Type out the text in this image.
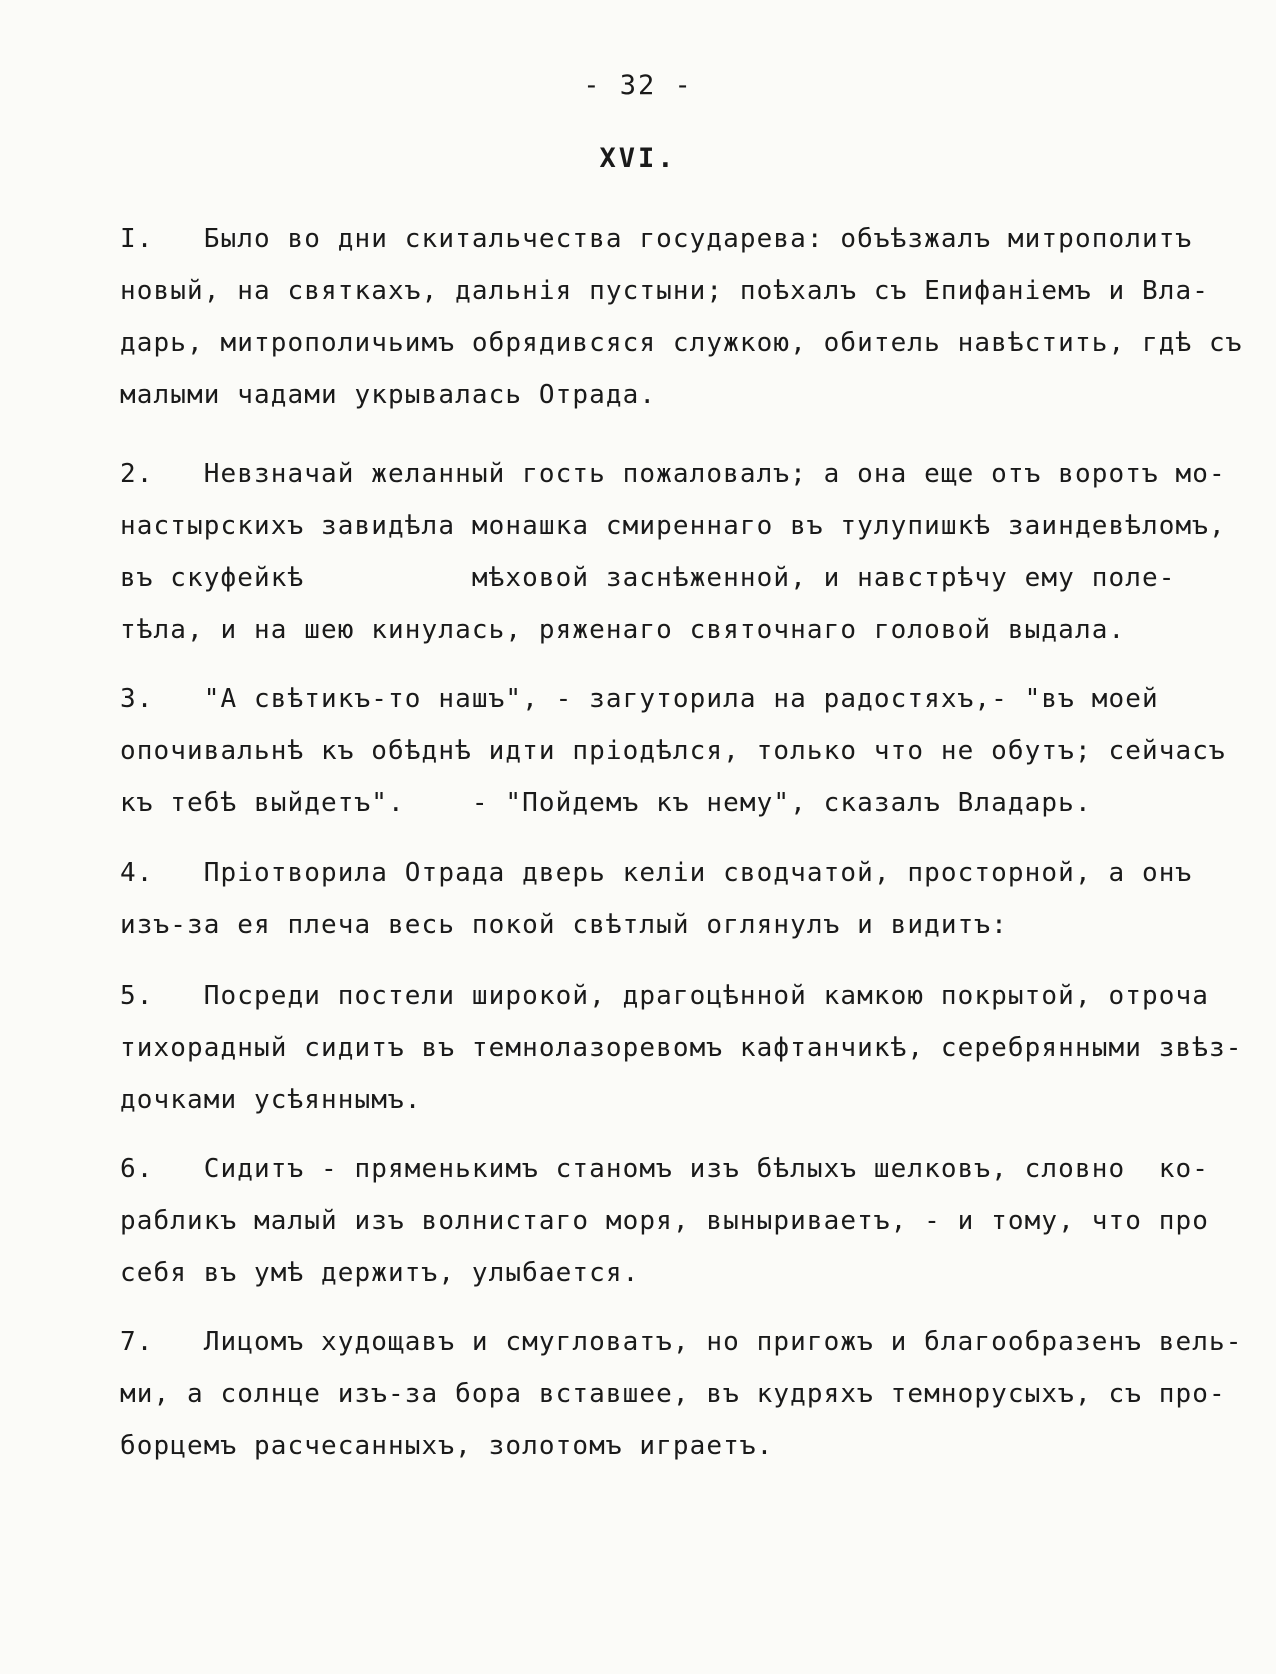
- 32 -
XVI.
I.   Было во дни скитальчества государева: объѣзжалъ митрополитъ
новый, на святкахъ, дальнія пустыни; поѣхалъ съ Епифаніемъ и Вла-
дарь, митрополичьимъ обрядивсяся служкою, обитель навѣстить, гдѣ съ
малыми чадами укрывалась Отрада.
2.   Невзначай желанный гость пожаловалъ; а она еще отъ воротъ мо-
настырскихъ завидѣла монашка смиреннаго въ тулупишкѣ заиндевѣломъ,
въ скуфейкѣ          мѣховой заснѣженной, и навстрѣчу ему поле-
тѣла, и на шею кинулась, ряженаго святочнаго головой выдала.
3.   "А свѣтикъ-то нашъ", - загуторила на радостяхъ,- "въ моей
опочивальнѣ къ обѣднѣ идти пріодѣлся, только что не обутъ; сейчасъ
къ тебѣ выйдетъ".    - "Пойдемъ къ нему", сказалъ Владарь.
4.   Пріотворила Отрада дверь келіи сводчатой, просторной, а онъ
изъ-за ея плеча весь покой свѣтлый оглянулъ и видитъ:
5.   Посреди постели широкой, драгоцѣнной камкою покрытой, отроча
тихорадный сидитъ въ темнолазоревомъ кафтанчикѣ, серебрянными звѣз-
дочками усѣяннымъ.
6.   Сидитъ - пряменькимъ станомъ изъ бѣлыхъ шелковъ, словно  ко-
рабликъ малый изъ волнистаго моря, выныриваетъ, - и тому, что про
себя въ умѣ держитъ, улыбается.
7.   Лицомъ худощавъ и смугловатъ, но пригожъ и благообразенъ вель-
ми, а солнце изъ-за бора вставшее, въ кудряхъ темнорусыхъ, съ про-
борцемъ расчесанныхъ, золотомъ играетъ.
